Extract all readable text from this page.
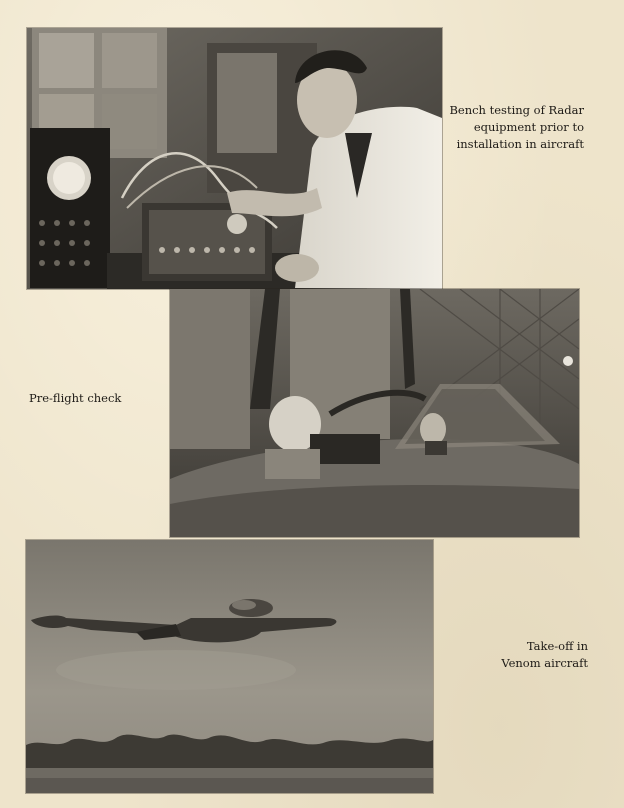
Bench testing of Radar
equipment prior to
installation in aircraft
Pre-flight check
Take-off in
Venom aircraft
